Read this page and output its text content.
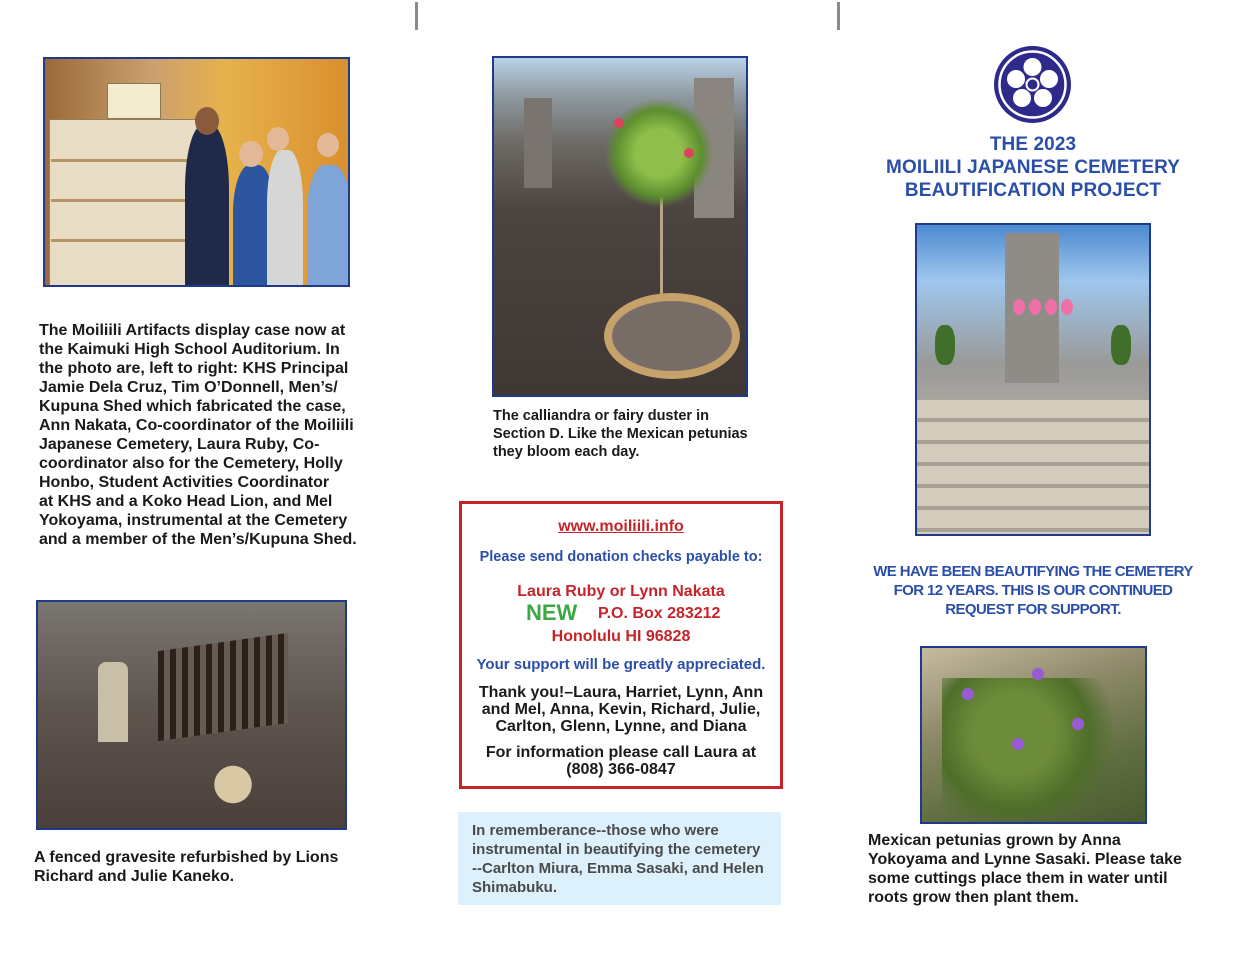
The Moiliili Artifacts display case now at
the Kaimuki High School Auditorium. In
the photo are, left to right: KHS Principal
Jamie Dela Cruz, Tim O’Donnell, Men’s/
Kupuna Shed which fabricated the case,
Ann Nakata, Co-coordinator of the Moiliili
Japanese Cemetery, Laura Ruby, Co-
coordinator also for the Cemetery, Holly
Honbo, Student Activities Coordinator
at KHS and a Koko Head Lion, and Mel
Yokoyama, instrumental at the Cemetery
and a member of the Men’s/Kupuna Shed.
A fenced gravesite refurbished by Lions
Richard and Julie Kaneko.
The calliandra or fairy duster in
Section D. Like the Mexican petunias
they bloom each day.
www.moiliili.info
Please send donation checks payable to:
Laura Ruby or Lynn Nakata
NEW P.O. Box 283212
Honolulu HI 96828
Your support will be greatly appreciated.
Thank you!–Laura, Harriet, Lynn, Ann
and Mel, Anna, Kevin, Richard, Julie,
Carlton, Glenn, Lynne, and Diana
For information please call Laura at
(808) 366-0847
In rememberance--those who were
instrumental in beautifying the cemetery
--Carlton Miura, Emma Sasaki, and Helen
Shimabuku.
THE 2023
MOILIILI JAPANESE CEMETERY
BEAUTIFICATION PROJECT
WE HAVE BEEN BEAUTIFYING THE CEMETERY
FOR 12 YEARS. THIS IS OUR CONTINUED
REQUEST FOR SUPPORT.
Mexican petunias grown by Anna
Yokoyama and Lynne Sasaki. Please take
some cuttings place them in water until
roots grow then plant them.
